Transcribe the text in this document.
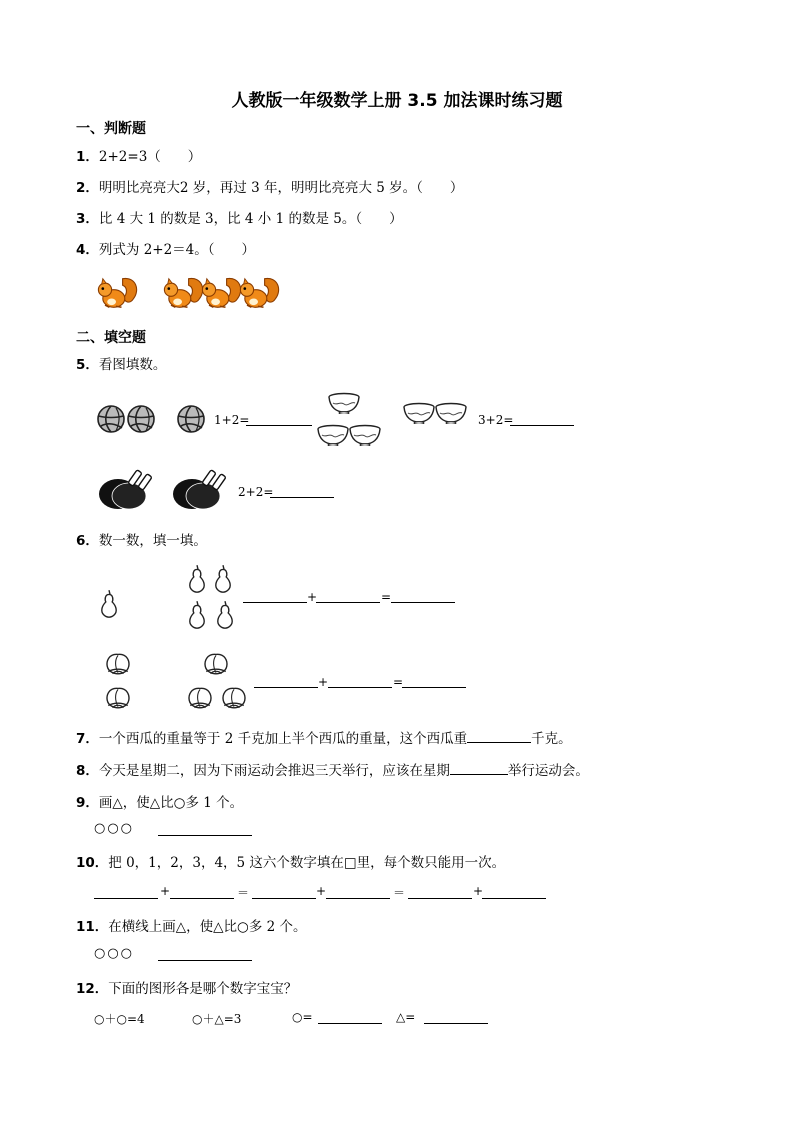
人教版一年级数学上册 3.5 加法课时练习题
一、判断题
1．2+2=3（　　）
2．明明比亮亮大2 岁，再过 3 年，明明比亮亮大 5 岁。（　　）
3．比 4 大 1 的数是 3，比 4 小 1 的数是 5。（　　）
4．列式为 2+2＝4。（　　）
二、填空题
5．看图填数。
1+2=	3+2=
2+2=
6．数一数，填一填。
+	=
+	=
7．一个西瓜的重量等于 2 千克加上半个西瓜的重量，这个西瓜重	千克。
8．今天是星期二，因为下雨运动会推迟三天举行，应该在星期	举行运动会。
9．画△，使△比○多 1 个。
○○○
10．把 0，1，2，3，4，5 这六个数字填在□里，每个数只能用一次。
+	＝	+	＝	+
11．在横线上画△，使△比○多 2 个。
○○○
12．下面的图形各是哪个数字宝宝？
○＋○=4	○＋△=3	○=	△=
